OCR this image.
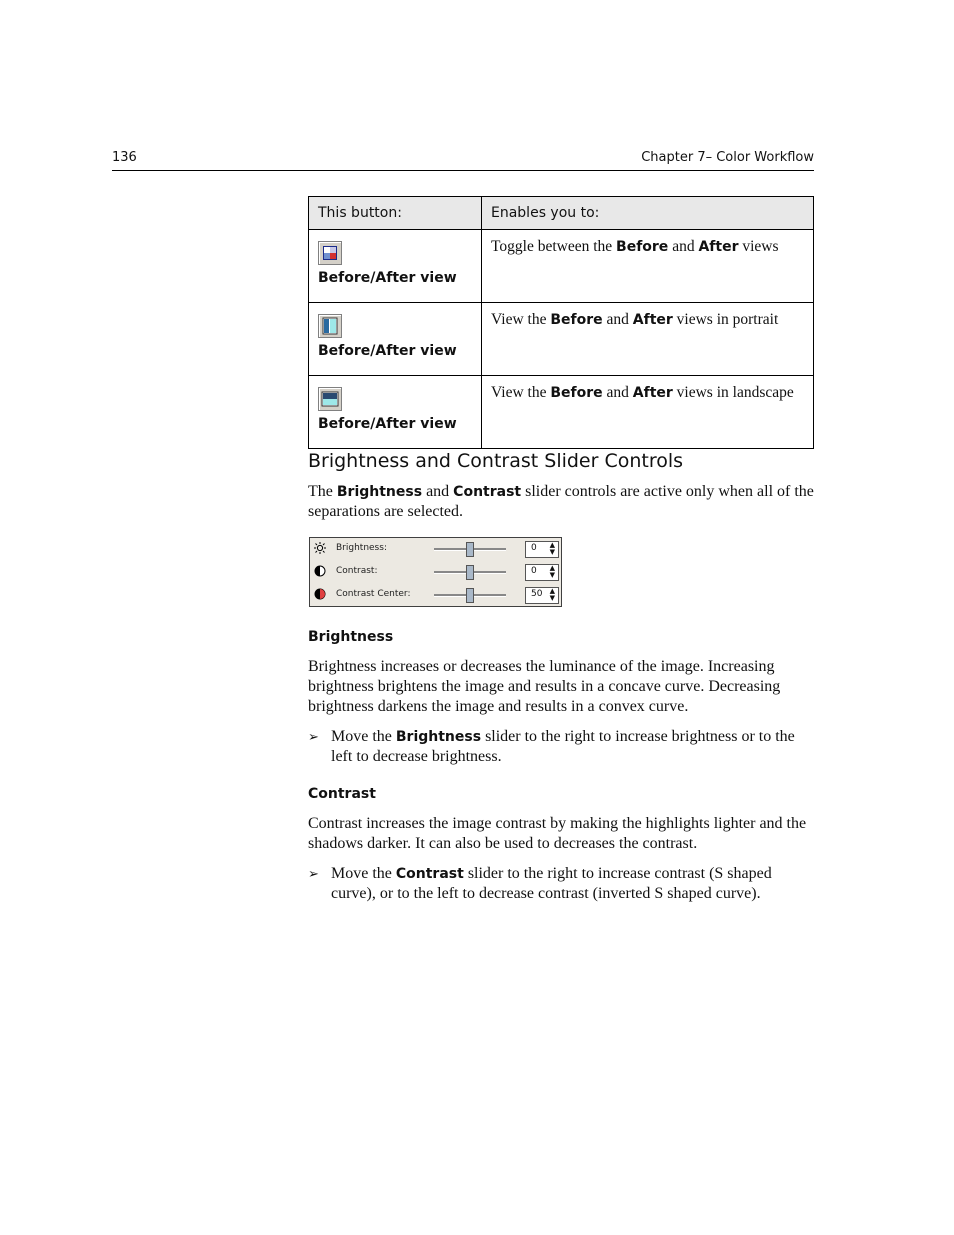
136	Chapter 7– Color Workflow
This button:	Enables you to:

Before/After view	Toggle between the Before and After views

Before/After view	View the Before and After views in portrait

Before/After view	View the Before and After views in landscape
Brightness and Contrast Slider Controls
The Brightness and Contrast slider controls are active only when all of the separations are selected.
Brightness:	0 ▲
▼
Contrast:	0 ▲
▼
Contrast Center:	50 ▲
▼
Brightness
Brightness increases or decreases the luminance of the image. Increasing brightness brightens the image and results in a concave curve. Decreasing brightness darkens the image and results in a convex curve.
➢ Move the Brightness slider to the right to increase brightness or to the left to decrease brightness.
Contrast
Contrast increases the image contrast by making the highlights lighter and the shadows darker. It can also be used to decreases the contrast.
➢ Move the Contrast slider to the right to increase contrast (S shaped curve), or to the left to decrease contrast (inverted S shaped curve).
